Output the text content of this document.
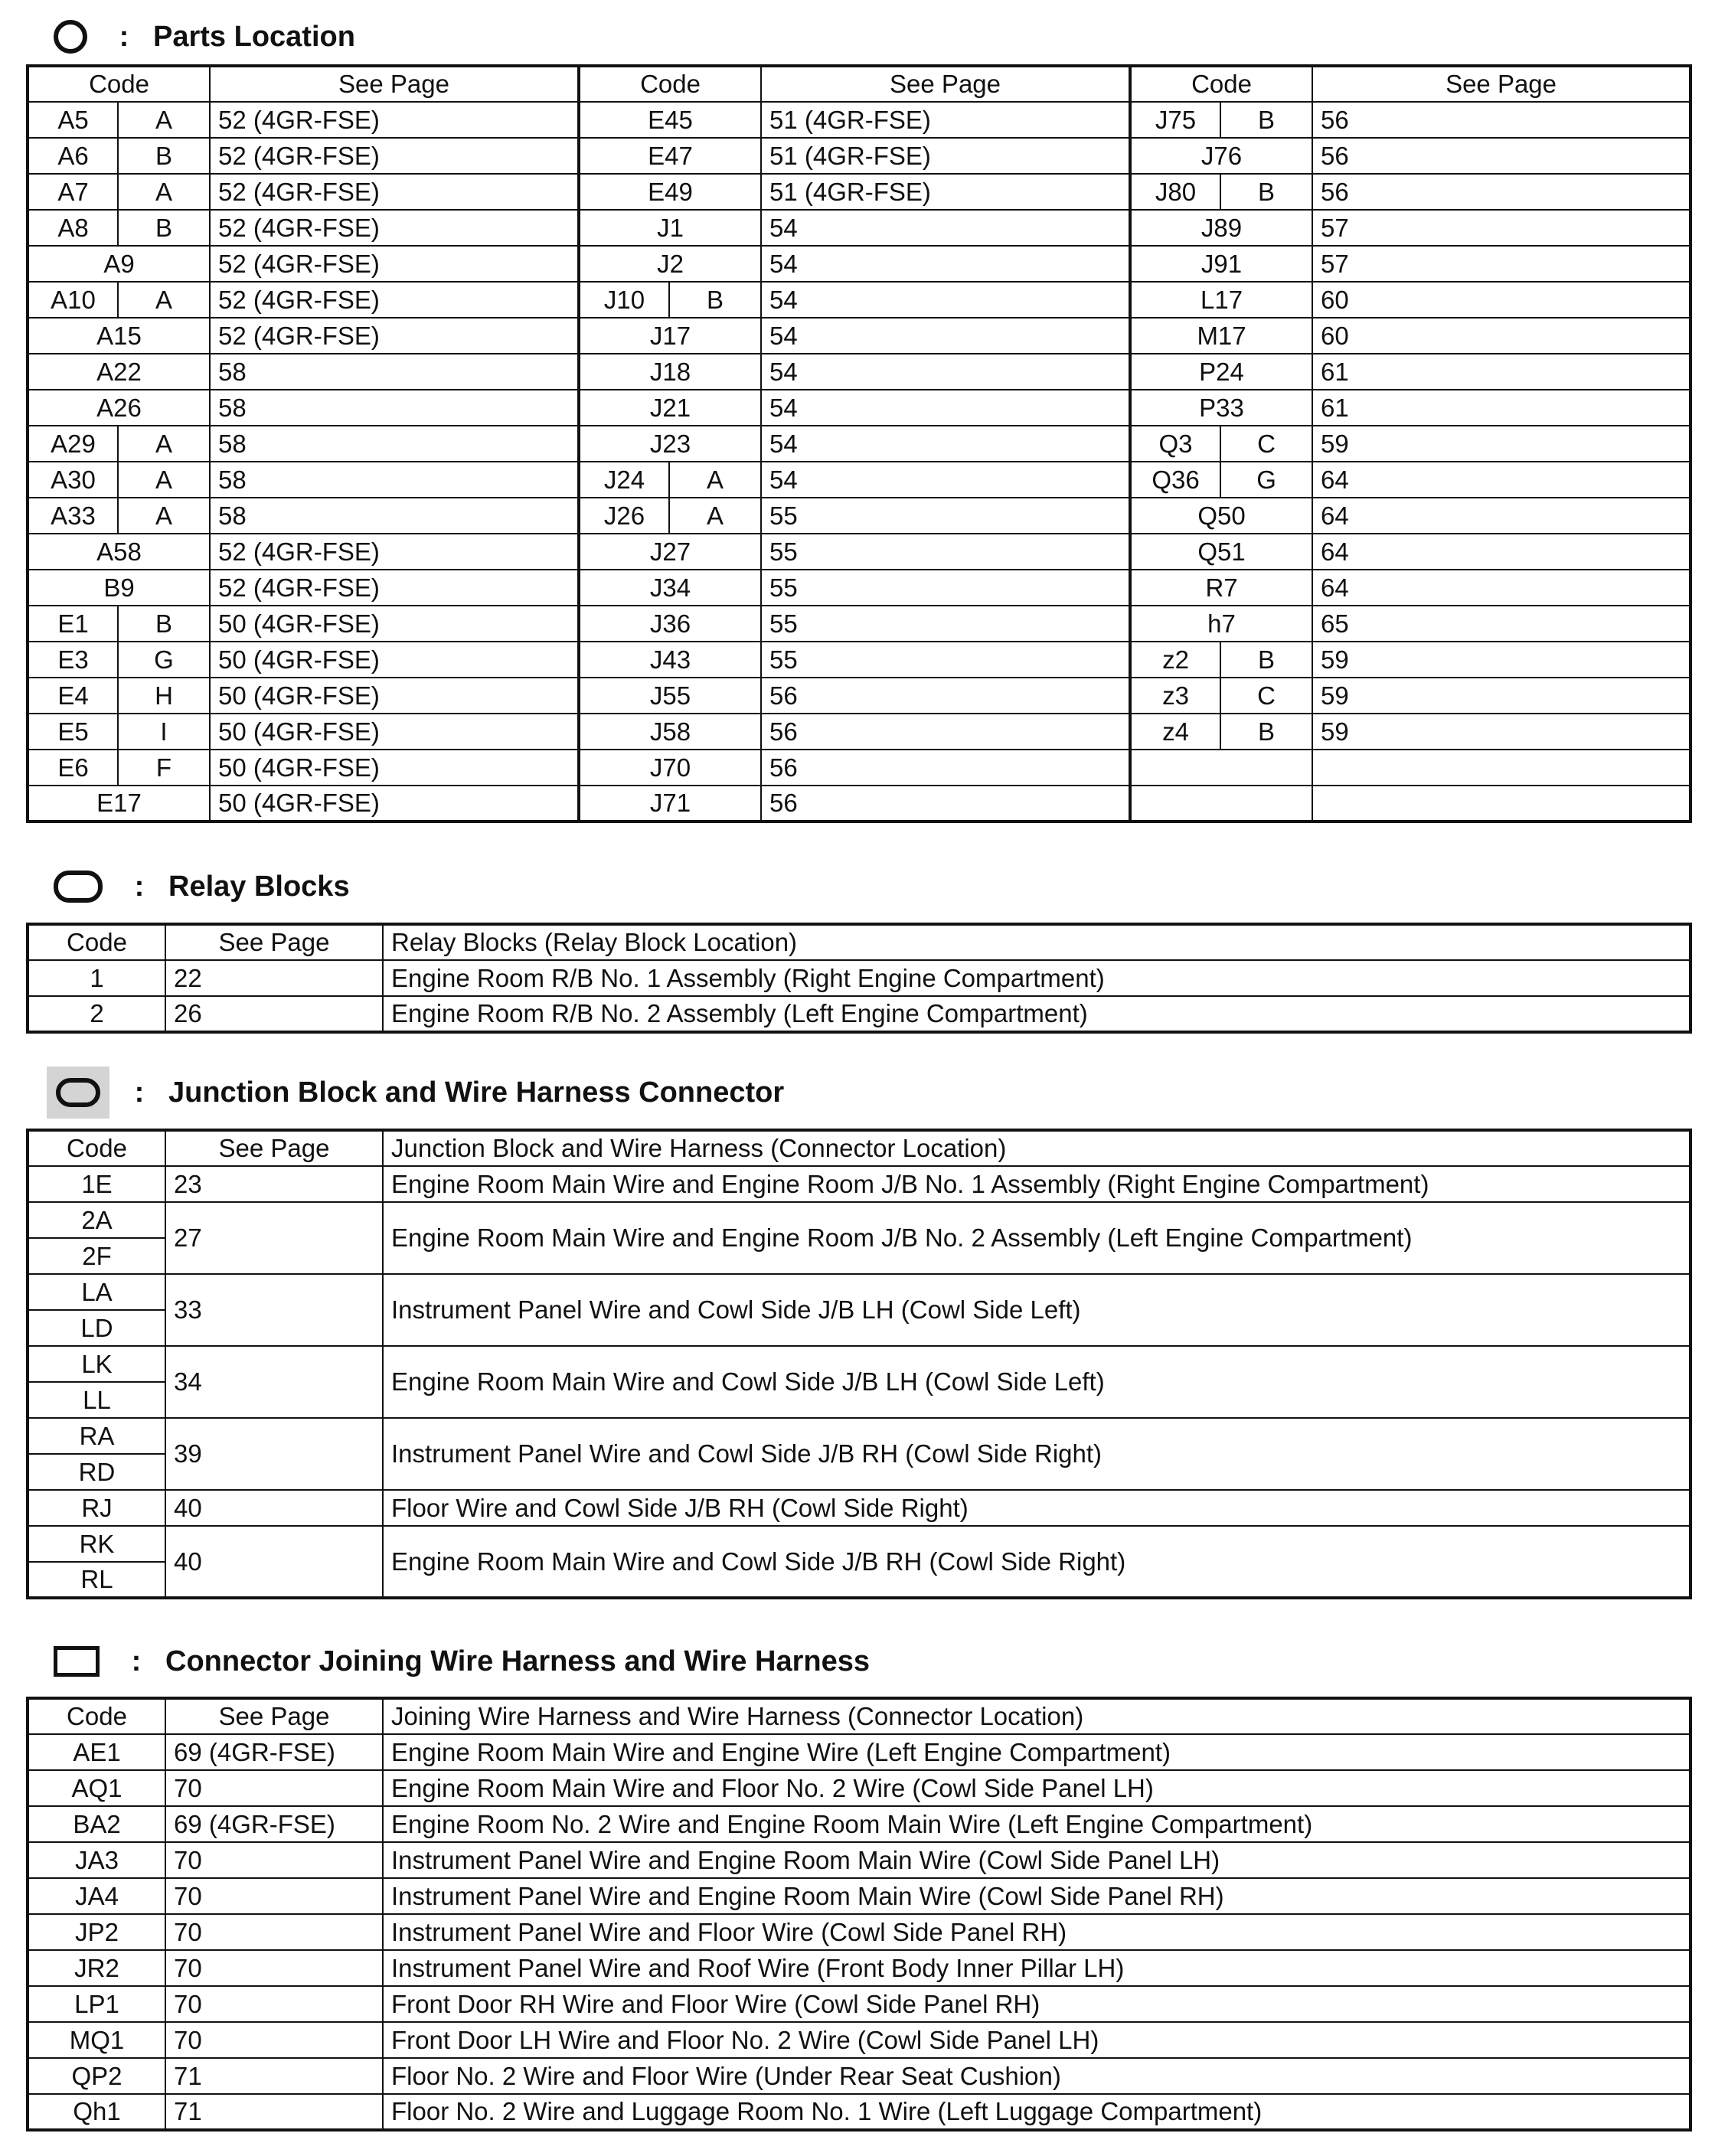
: Parts Location
Code		See Page	Code		See Page	Code		See Page
A5	A	52 (4GR-FSE)	E45		51 (4GR-FSE)	J75	B	56
A6	B	52 (4GR-FSE)	E47		51 (4GR-FSE)	J76		56
A7	A	52 (4GR-FSE)	E49		51 (4GR-FSE)	J80	B	56
A8	B	52 (4GR-FSE)	J1		54	J89		57
A9		52 (4GR-FSE)	J2		54	J91		57
A10	A	52 (4GR-FSE)	J10	B	54	L17		60
A15		52 (4GR-FSE)	J17		54	M17		60
A22		58	J18		54	P24		61
A26		58	J21		54	P33		61
A29	A	58	J23		54	Q3	C	59
A30	A	58	J24	A	54	Q36	G	64
A33	A	58	J26	A	55	Q50		64
A58		52 (4GR-FSE)	J27		55	Q51		64
B9		52 (4GR-FSE)	J34		55	R7		64
E1	B	50 (4GR-FSE)	J36		55	h7		65
E3	G	50 (4GR-FSE)	J43		55	z2	B	59
E4	H	50 (4GR-FSE)	J55		56	z3	C	59
E5	I	50 (4GR-FSE)	J58		56	z4	B	59
E6	F	50 (4GR-FSE)	J70		56			
E17		50 (4GR-FSE)	J71		56			
: Relay Blocks
Code	See Page	Relay Blocks (Relay Block Location)
1	22	Engine Room R/B No. 1 Assembly (Right Engine Compartment)
2	26	Engine Room R/B No. 2 Assembly (Left Engine Compartment)
: Junction Block and Wire Harness Connector
Code	See Page	Junction Block and Wire Harness (Connector Location)
1E	23	Engine Room Main Wire and Engine Room J/B No. 1 Assembly (Right Engine Compartment)
2A	27	Engine Room Main Wire and Engine Room J/B No. 2 Assembly (Left Engine Compartment)
2F		
LA	33	Instrument Panel Wire and Cowl Side J/B LH (Cowl Side Left)
LD		
LK	34	Engine Room Main Wire and Cowl Side J/B LH (Cowl Side Left)
LL		
RA	39	Instrument Panel Wire and Cowl Side J/B RH (Cowl Side Right)
RD		
RJ	40	Floor Wire and Cowl Side J/B RH (Cowl Side Right)
RK	40	Engine Room Main Wire and Cowl Side J/B RH (Cowl Side Right)
RL		
: Connector Joining Wire Harness and Wire Harness
Code	See Page	Joining Wire Harness and Wire Harness (Connector Location)
AE1	69 (4GR-FSE)	Engine Room Main Wire and Engine Wire (Left Engine Compartment)
AQ1	70	Engine Room Main Wire and Floor No. 2 Wire (Cowl Side Panel LH)
BA2	69 (4GR-FSE)	Engine Room No. 2 Wire and Engine Room Main Wire (Left Engine Compartment)
JA3	70	Instrument Panel Wire and Engine Room Main Wire (Cowl Side Panel LH)
JA4	70	Instrument Panel Wire and Engine Room Main Wire (Cowl Side Panel RH)
JP2	70	Instrument Panel Wire and Floor Wire (Cowl Side Panel RH)
JR2	70	Instrument Panel Wire and Roof Wire (Front Body Inner Pillar LH)
LP1	70	Front Door RH Wire and Floor Wire (Cowl Side Panel RH)
MQ1	70	Front Door LH Wire and Floor No. 2 Wire (Cowl Side Panel LH)
QP2	71	Floor No. 2 Wire and Floor Wire (Under Rear Seat Cushion)
Qh1	71	Floor No. 2 Wire and Luggage Room No. 1 Wire (Left Luggage Compartment)
